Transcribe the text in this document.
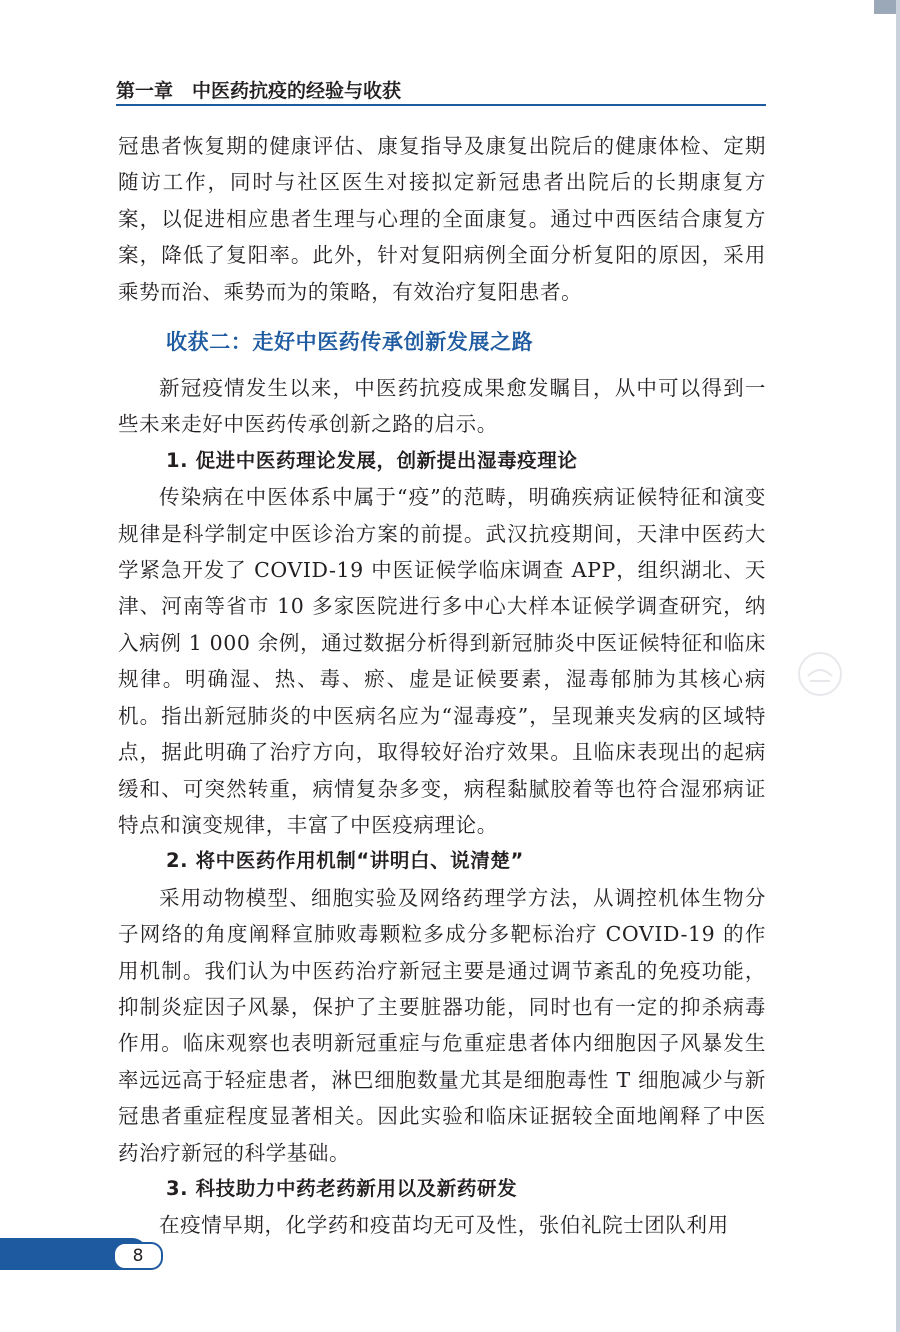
第一章　中医药抗疫的经验与收获

冠患者恢复期的健康评估、康复指导及康复出院后的健康体检、定期随访工作，同时与社区医生对接拟定新冠患者出院后的长期康复方案，以促进相应患者生理与心理的全面康复。通过中西医结合康复方案，降低了复阳率。此外，针对复阳病例全面分析复阳的原因，采用乘势而治、乘势而为的策略，有效治疗复阳患者。

收获二：走好中医药传承创新发展之路

新冠疫情发生以来，中医药抗疫成果愈发瞩目，从中可以得到一些未来走好中医药传承创新之路的启示。

1. 促进中医药理论发展，创新提出湿毒疫理论

传染病在中医体系中属于“疫”的范畴，明确疾病证候特征和演变规律是科学制定中医诊治方案的前提。武汉抗疫期间，天津中医药大学紧急开发了 COVID-19 中医证候学临床调查 APP，组织湖北、天津、河南等省市 10 多家医院进行多中心大样本证候学调查研究，纳入病例 1 000 余例，通过数据分析得到新冠肺炎中医证候特征和临床规律。明确湿、热、毒、瘀、虚是证候要素，湿毒郁肺为其核心病机。指出新冠肺炎的中医病名应为“湿毒疫”，呈现兼夹发病的区域特点，据此明确了治疗方向，取得较好治疗效果。且临床表现出的起病缓和、可突然转重，病情复杂多变，病程黏腻胶着等也符合湿邪病证特点和演变规律，丰富了中医疫病理论。

2. 将中医药作用机制“讲明白、说清楚”

采用动物模型、细胞实验及网络药理学方法，从调控机体生物分子网络的角度阐释宣肺败毒颗粒多成分多靶标治疗 COVID-19 的作用机制。我们认为中医药治疗新冠主要是通过调节紊乱的免疫功能，抑制炎症因子风暴，保护了主要脏器功能，同时也有一定的抑杀病毒作用。临床观察也表明新冠重症与危重症患者体内细胞因子风暴发生率远远高于轻症患者，淋巴细胞数量尤其是细胞毒性 T 细胞减少与新冠患者重症程度显著相关。因此实验和临床证据较全面地阐释了中医药治疗新冠的科学基础。

3. 科技助力中药老药新用以及新药研发

在疫情早期，化学药和疫苗均无可及性，张伯礼院士团队利用

8
